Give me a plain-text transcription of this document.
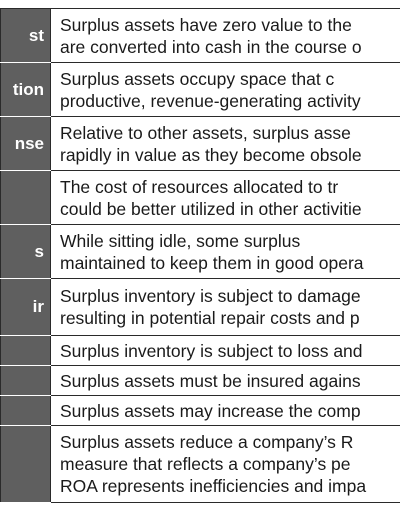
st	Surplus assets have zero value to the
are converted into cash in the course o

tion	Surplus assets occupy space that c
productive, revenue-generating activity

nse	Relative to other assets, surplus asse
rapidly in value as they become obsole

	The cost of resources allocated to tr
could be better utilized in other activitie

s	While sitting idle, some surplus
maintained to keep them in good opera

ir	Surplus inventory is subject to damage
resulting in potential repair costs and p

	Surplus inventory is subject to loss and

	Surplus assets must be insured agains

	Surplus assets may increase the comp

	Surplus assets reduce a company’s R
measure that reflects a company’s pe
ROA represents inefficiencies and impa
